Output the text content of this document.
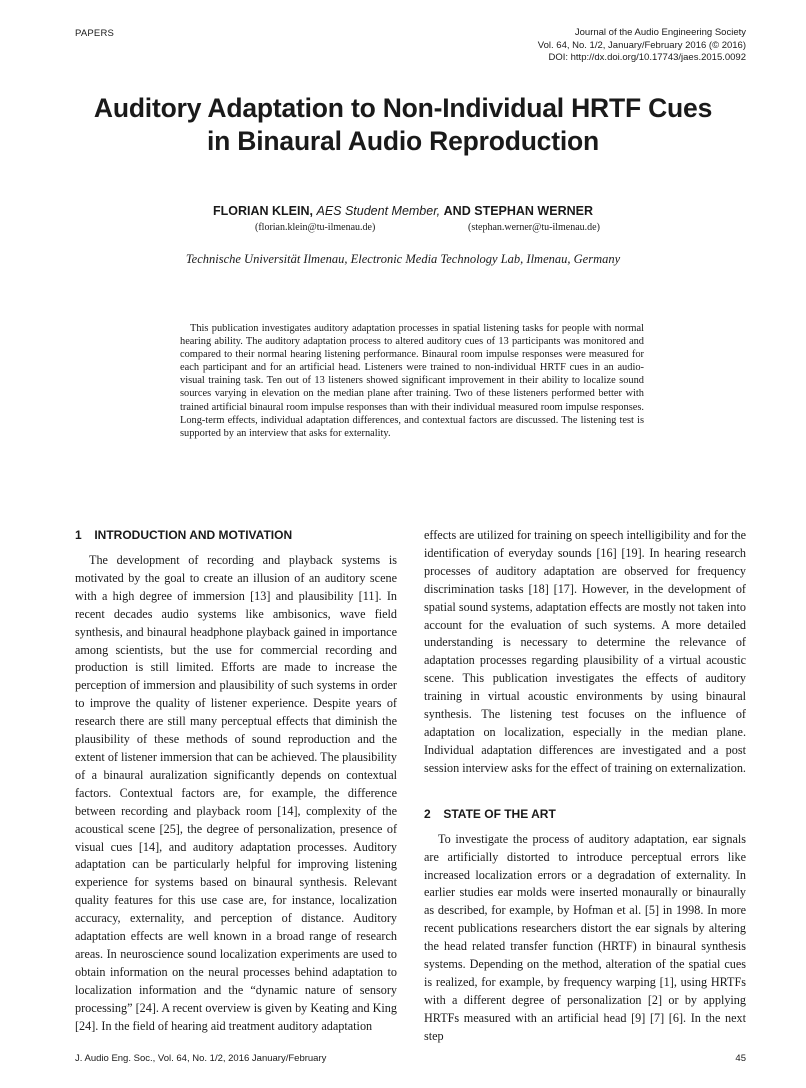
PAPERS	Journal of the Audio Engineering Society
Vol. 64, No. 1/2, January/February 2016 (© 2016)
DOI: http://dx.doi.org/10.17743/jaes.2015.0092
Auditory Adaptation to Non-Individual HRTF Cues
in Binaural Audio Reproduction
FLORIAN KLEIN, AES Student Member, AND STEPHAN WERNER
(florian.klein@tu-ilmenau.de)	(stephan.werner@tu-ilmenau.de)
Technische Universität Ilmenau, Electronic Media Technology Lab, Ilmenau, Germany
This publication investigates auditory adaptation processes in spatial listening tasks for people with normal hearing ability. The auditory adaptation process to altered auditory cues of 13 participants was monitored and compared to their normal hearing listening performance. Binaural room impulse responses were measured for each participant and for an artificial head. Listeners were trained to non-individual HRTF cues in an audio-visual training task. Ten out of 13 listeners showed significant improvement in their ability to localize sound sources varying in elevation on the median plane after training. Two of these listeners performed better with trained artificial binaural room impulse responses than with their individual measured room impulse responses. Long-term effects, individual adaptation differences, and contextual factors are discussed. The listening test is supported by an interview that asks for externality.
1 INTRODUCTION AND MOTIVATION

The development of recording and playback systems is motivated by the goal to create an illusion of an auditory scene with a high degree of immersion [13] and plausibility [11]. In recent decades audio systems like ambisonics, wave field synthesis, and binaural headphone playback gained in importance among scientists, but the use for commercial recording and production is still limited. Efforts are made to increase the perception of immersion and plausibility of such systems in order to improve the quality of listener experience. Despite years of research there are still many perceptual effects that diminish the plausibility of these methods of sound reproduction and the extent of listener immersion that can be achieved. The plausibility of a binaural auralization significantly depends on contextual factors. Contextual factors are, for example, the difference between recording and playback room [14], complexity of the acoustical scene [25], the degree of personalization, presence of visual cues [14], and auditory adaptation processes. Auditory adaptation can be particularly helpful for improving listening experience for systems based on binaural synthesis. Relevant quality features for this use case are, for instance, localization accuracy, externality, and perception of distance. Auditory adaptation effects are well known in a broad range of research areas. In neuroscience sound localization experiments are used to obtain information on the neural processes behind adaptation to localization information and the “dynamic nature of sensory processing” [24]. A recent overview is given by Keating and King [24]. In the field of hearing aid treatment auditory adaptation

effects are utilized for training on speech intelligibility and for the identification of everyday sounds [16] [19]. In hearing research processes of auditory adaptation are observed for frequency discrimination tasks [18] [17]. However, in the development of spatial sound systems, adaptation effects are mostly not taken into account for the evaluation of such systems. A more detailed understanding is necessary to determine the relevance of adaptation processes regarding plausibility of a virtual acoustic scene. This publication investigates the effects of auditory training in virtual acoustic environments by using binaural synthesis. The listening test focuses on the influence of adaptation on localization, especially in the median plane. Individual adaptation differences are investigated and a post session interview asks for the effect of training on externalization.

2 STATE OF THE ART

To investigate the process of auditory adaptation, ear signals are artificially distorted to introduce perceptual errors like increased localization errors or a degradation of externality. In earlier studies ear molds were inserted monaurally or binaurally as described, for example, by Hofman et al. [5] in 1998. In more recent publications researchers distort the ear signals by altering the head related transfer function (HRTF) in binaural synthesis systems. Depending on the method, alteration of the spatial cues is realized, for example, by frequency warping [1], using HRTFs with a different degree of personalization [2] or by applying HRTFs measured with an artificial head [9] [7] [6]. In the next step

J. Audio Eng. Soc., Vol. 64, No. 1/2, 2016 January/February	45
